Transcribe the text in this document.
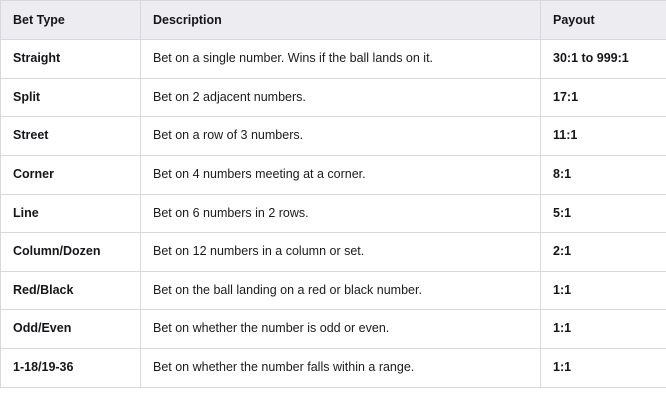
Bet Type	Description	Payout
Straight	Bet on a single number. Wins if the ball lands on it.	30:1 to 999:1
Split	Bet on 2 adjacent numbers.	17:1
Street	Bet on a row of 3 numbers.	11:1
Corner	Bet on 4 numbers meeting at a corner.	8:1
Line	Bet on 6 numbers in 2 rows.	5:1
Column/Dozen	Bet on 12 numbers in a column or set.	2:1
Red/Black	Bet on the ball landing on a red or black number.	1:1
Odd/Even	Bet on whether the number is odd or even.	1:1
1-18/19-36	Bet on whether the number falls within a range.	1:1
